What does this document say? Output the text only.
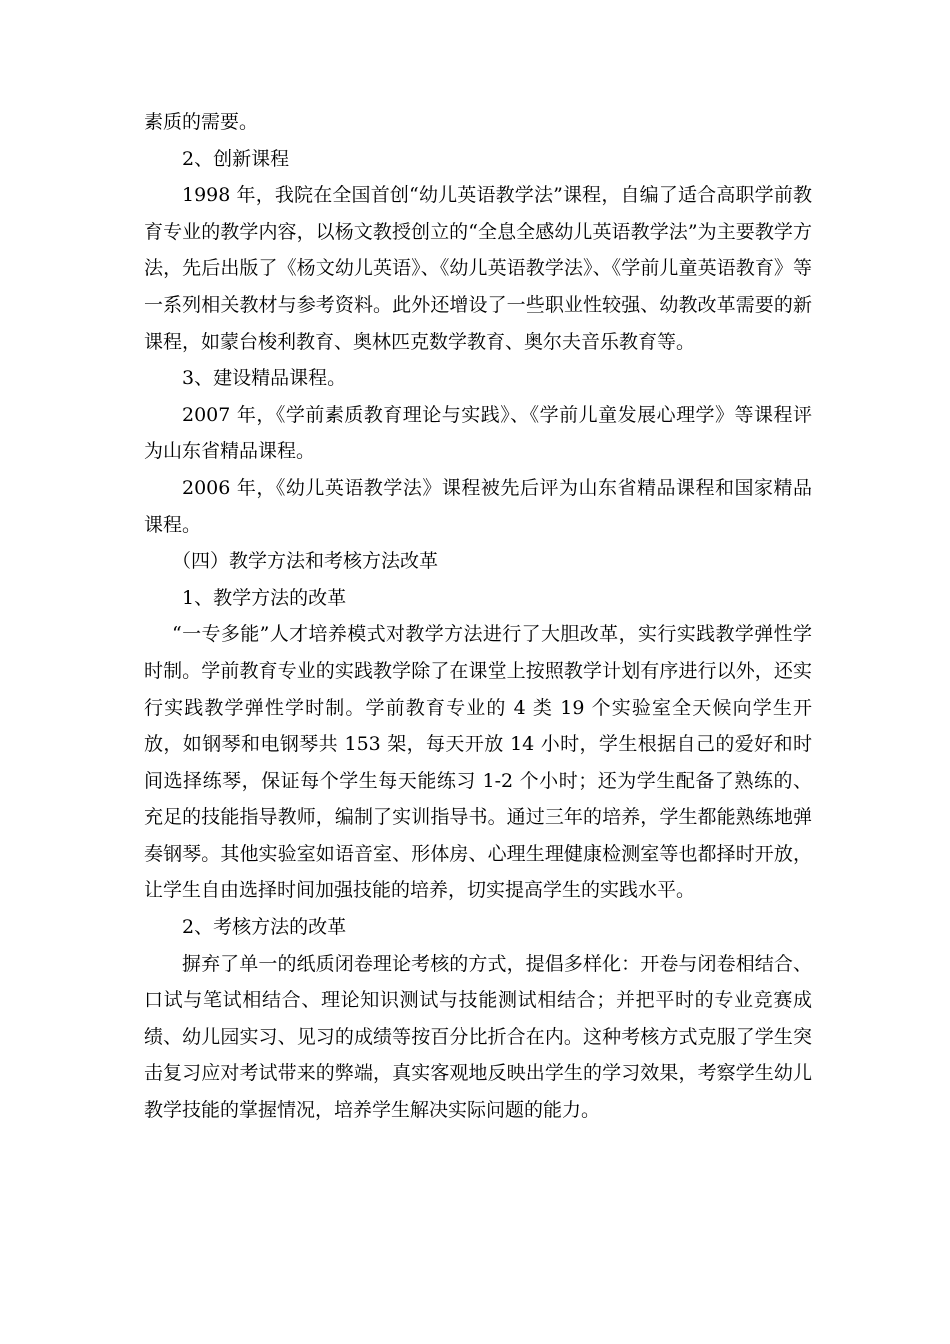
素质的需要。

2、创新课程

1998 年，我院在全国首创“幼儿英语教学法”课程，自编了适合高职学前教育专业的教学内容，以杨文教授创立的“全息全感幼儿英语教学法”为主要教学方法，先后出版了《杨文幼儿英语》、《幼儿英语教学法》、《学前儿童英语教育》等一系列相关教材与参考资料。此外还增设了一些职业性较强、幼教改革需要的新课程，如蒙台梭利教育、奥林匹克数学教育、奥尔夫音乐教育等。

3、建设精品课程。

2007 年，《学前素质教育理论与实践》、《学前儿童发展心理学》等课程评为山东省精品课程。

2006 年，《幼儿英语教学法》课程被先后评为山东省精品课程和国家精品课程。

（四）教学方法和考核方法改革

1、教学方法的改革

“一专多能”人才培养模式对教学方法进行了大胆改革，实行实践教学弹性学时制。学前教育专业的实践教学除了在课堂上按照教学计划有序进行以外，还实行实践教学弹性学时制。学前教育专业的 4 类 19 个实验室全天候向学生开放，如钢琴和电钢琴共 153 架，每天开放 14 小时，学生根据自己的爱好和时间选择练琴，保证每个学生每天能练习 1-2 个小时；还为学生配备了熟练的、充足的技能指导教师，编制了实训指导书。通过三年的培养，学生都能熟练地弹奏钢琴。其他实验室如语音室、形体房、心理生理健康检测室等也都择时开放，让学生自由选择时间加强技能的培养，切实提高学生的实践水平。

2、考核方法的改革

摒弃了单一的纸质闭卷理论考核的方式，提倡多样化：开卷与闭卷相结合、口试与笔试相结合、理论知识测试与技能测试相结合；并把平时的专业竞赛成绩、幼儿园实习、见习的成绩等按百分比折合在内。这种考核方式克服了学生突击复习应对考试带来的弊端，真实客观地反映出学生的学习效果，考察学生幼儿教学技能的掌握情况，培养学生解决实际问题的能力。
